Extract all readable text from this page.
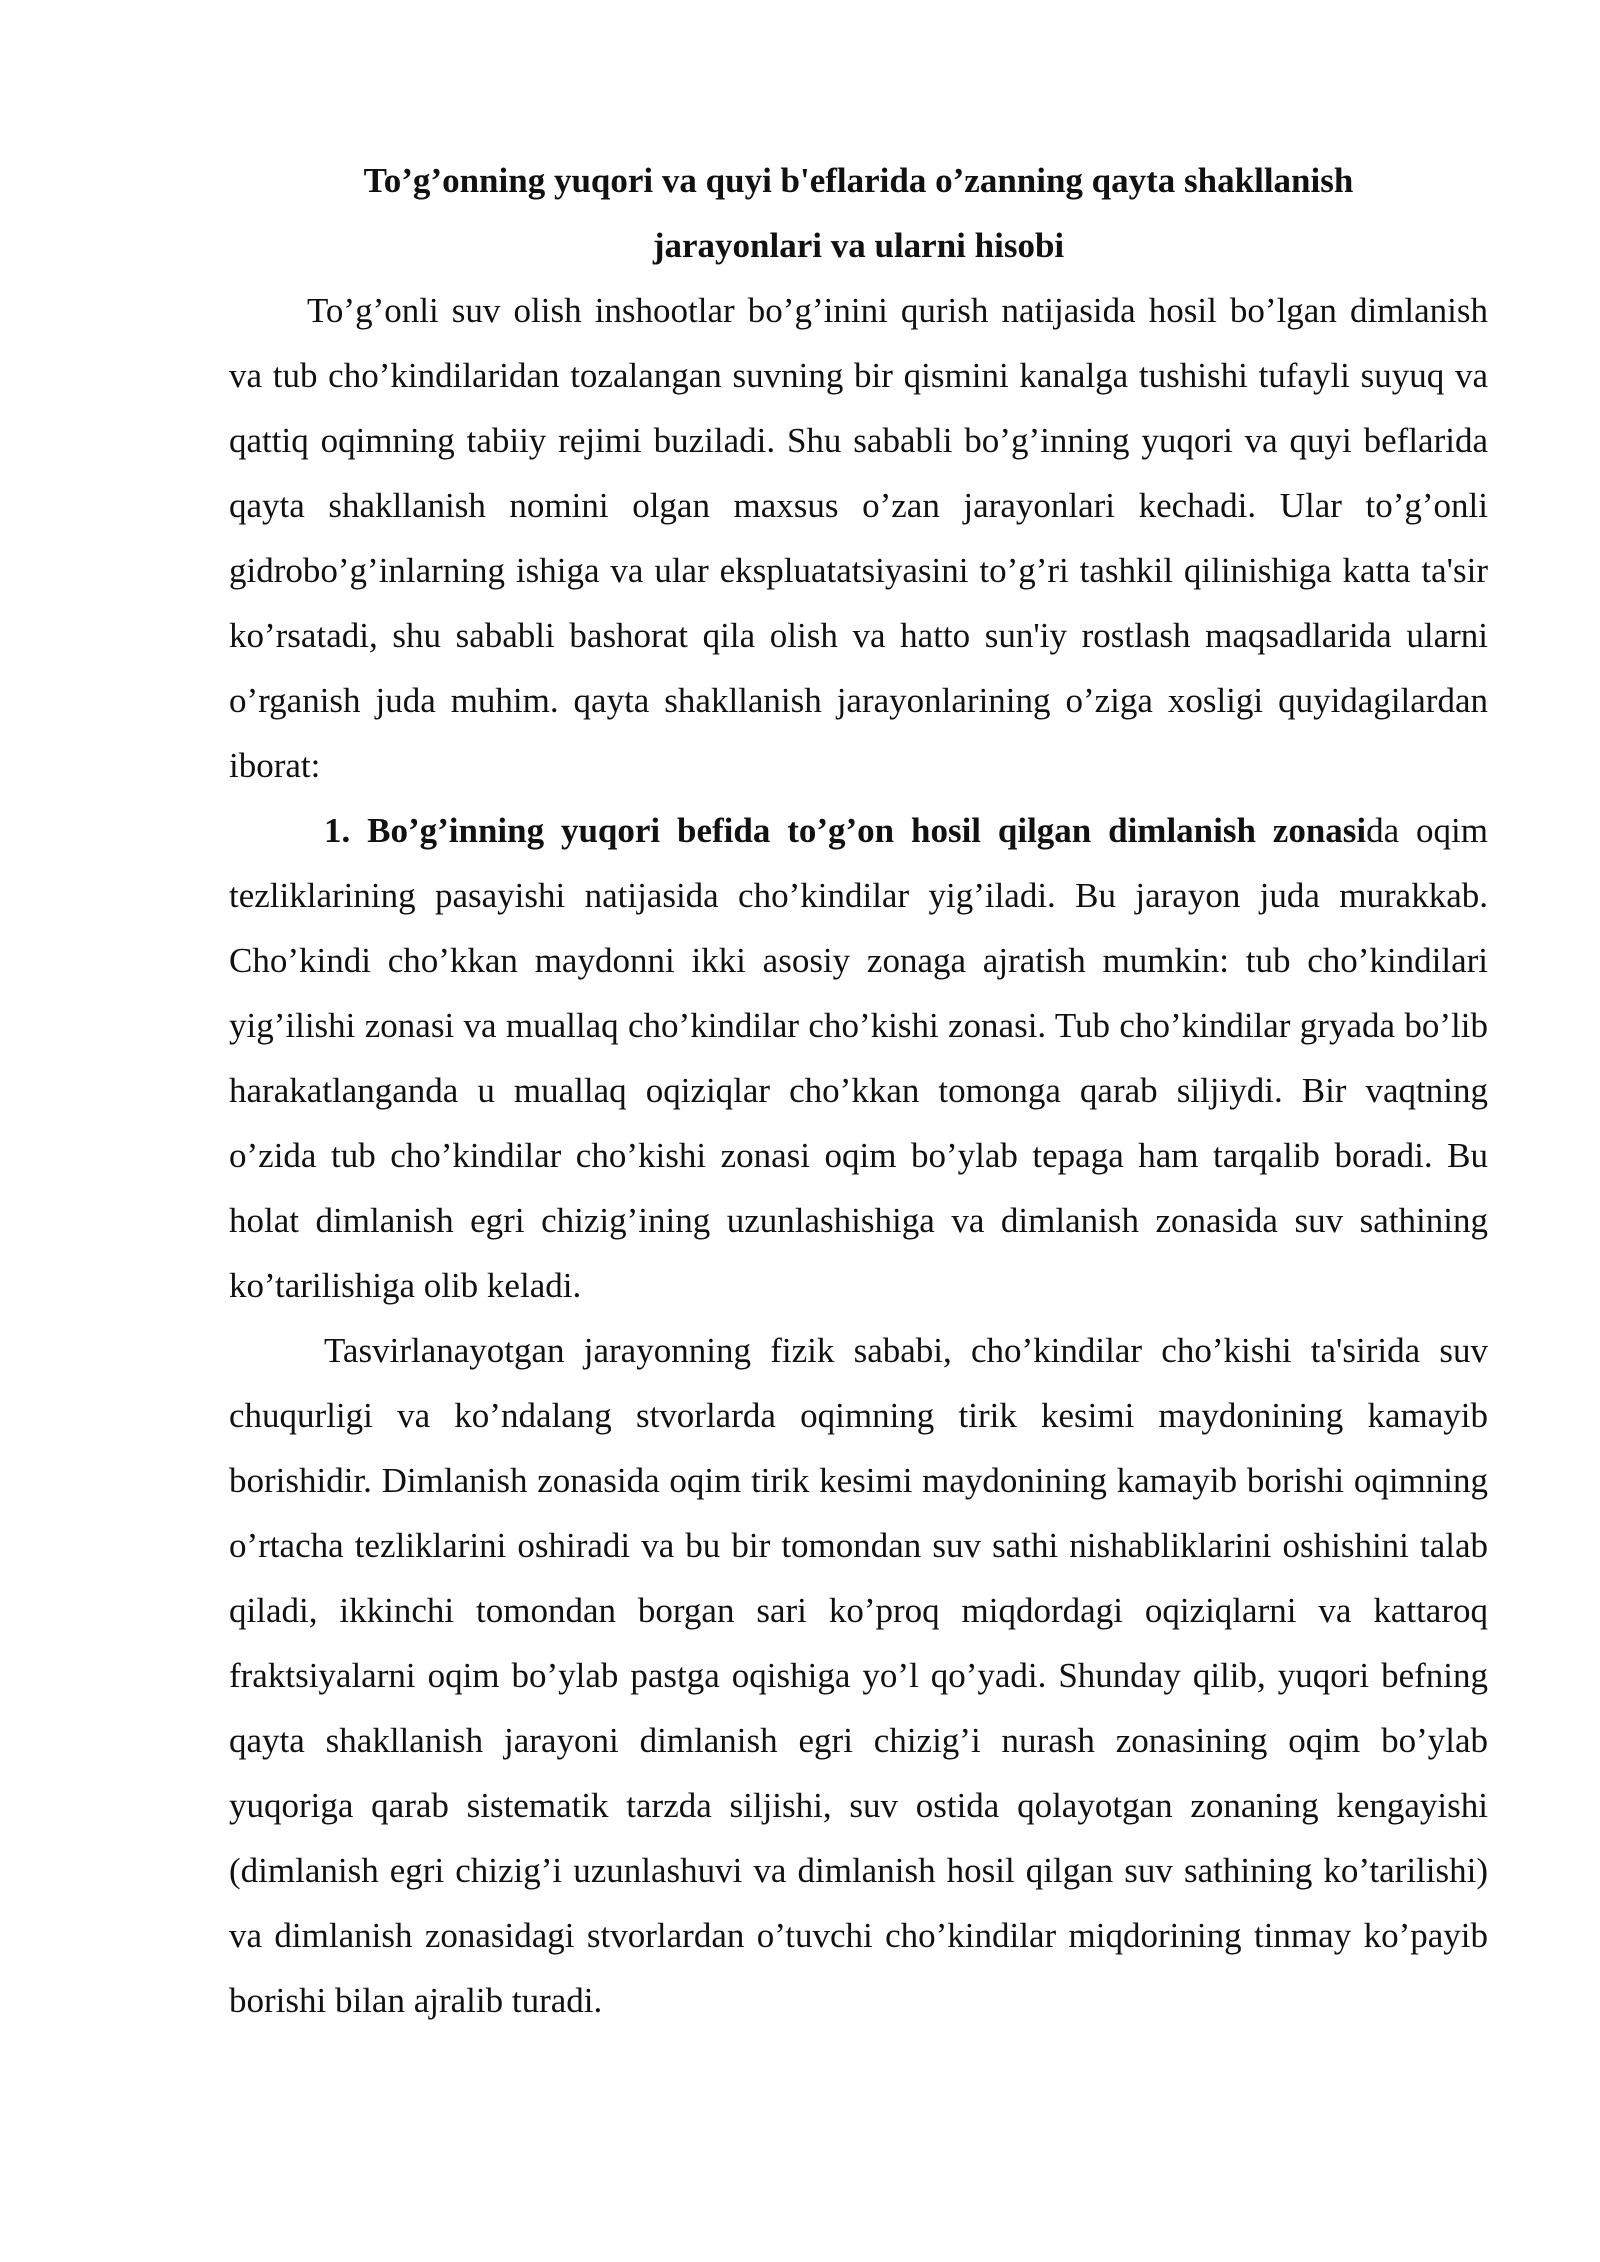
To’g’onning yuqori va quyi b'eflarida o’zanning qayta shakllanish
jarayonlari va ularni hisobi

To’g’onli suv olish inshootlar bo’g’inini qurish natijasida hosil bo’lgan dimlanish va tub cho’kindilaridan tozalangan suvning bir qismini kanalga tushishi tufayli suyuq va qattiq oqimning tabiiy rejimi buziladi. Shu sababli bo’g’inning yuqori va quyi beflarida qayta shakllanish nomini olgan maxsus o’zan jarayonlari kechadi. Ular to’g’onli gidrobo’g’inlarning ishiga va ular ekspluatatsiyasini to’g’ri tashkil qilinishiga katta ta'sir ko’rsatadi, shu sababli bashorat qila olish va hatto sun'iy rostlash maqsadlarida ularni o’rganish juda muhim. qayta shakllanish jarayonlarining o’ziga xosligi quyidagilardan iborat:

1. Bo’g’inning yuqori befida to’g’on hosil qilgan dimlanish zonasida oqim tezliklarining pasayishi natijasida cho’kindilar yig’iladi. Bu jarayon juda murakkab. Cho’kindi cho’kkan maydonni ikki asosiy zonaga ajratish mumkin: tub cho’kindilari yig’ilishi zonasi va muallaq cho’kindilar cho’kishi zonasi. Tub cho’kindilar gryada bo’lib harakatlanganda u muallaq oqiziqlar cho’kkan tomonga qarab siljiydi. Bir vaqtning o’zida tub cho’kindilar cho’kishi zonasi oqim bo’ylab tepaga ham tarqalib boradi. Bu holat dimlanish egri chizig’ining uzunlashishiga va dimlanish zonasida suv sathining ko’tarilishiga olib keladi.

Tasvirlanayotgan jarayonning fizik sababi, cho’kindilar cho’kishi ta'sirida suv chuqurligi va ko’ndalang stvorlarda oqimning tirik kesimi maydonining kamayib borishidir. Dimlanish zonasida oqim tirik kesimi maydonining kamayib borishi oqimning o’rtacha tezliklarini oshiradi va bu bir tomondan suv sathi nishabliklarini oshishini talab qiladi, ikkinchi tomondan borgan sari ko’proq miqdordagi oqiziqlarni va kattaroq fraktsiyalarni oqim bo’ylab pastga oqishiga yo’l qo’yadi. Shunday qilib, yuqori befning qayta shakllanish jarayoni dimlanish egri chizig’i nurash zonasining oqim bo’ylab yuqoriga qarab sistematik tarzda siljishi, suv ostida qolayotgan zonaning kengayishi (dimlanish egri chizig’i uzunlashuvi va dimlanish hosil qilgan suv sathining ko’tarilishi) va dimlanish zonasidagi stvorlardan o’tuvchi cho’kindilar miqdorining tinmay ko’payib borishi bilan ajralib turadi.
